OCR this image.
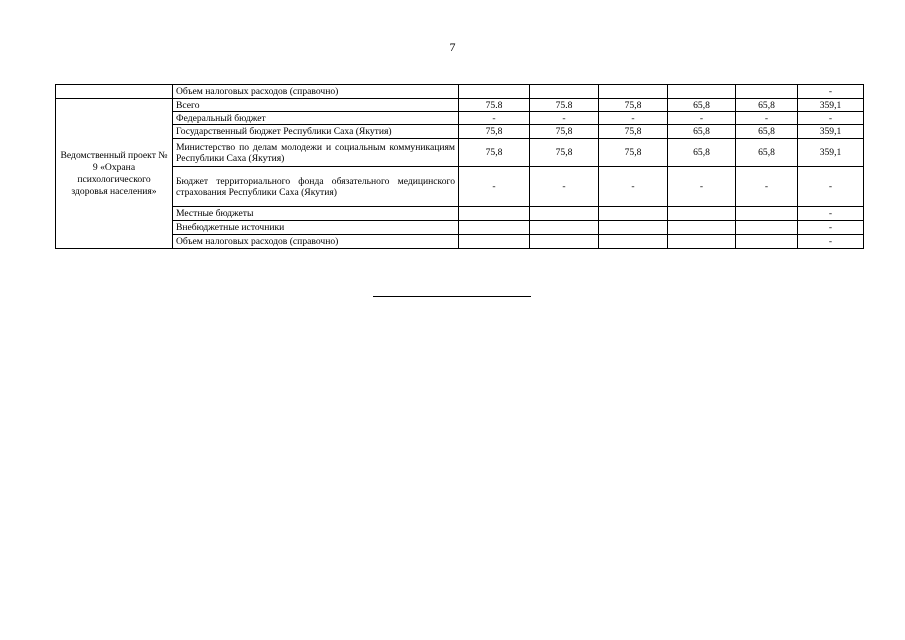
7
	Объем налоговых расходов (справочно)						-
Ведомственный проект № 9 «Охрана психологического здоровья населения»	Всего	75.8	75.8	75,8	65,8	65,8	359,1
	Федеральный бюджет	-	-	-	-	-	-
	Государственный бюджет Республики Саха (Якутия)	75,8	75,8	75,8	65,8	65,8	359,1
	Министерство по делам молодежи и социальным коммуникациям Республики Саха (Якутия)	75,8	75,8	75,8	65,8	65,8	359,1
	Бюджет территориального фонда обязательного медицинского страхования Республики Саха (Якутия)	-	-	-	-	-	-
	Местные бюджеты						-
	Внебюджетные источники						-
	Объем налоговых расходов (справочно)						-
